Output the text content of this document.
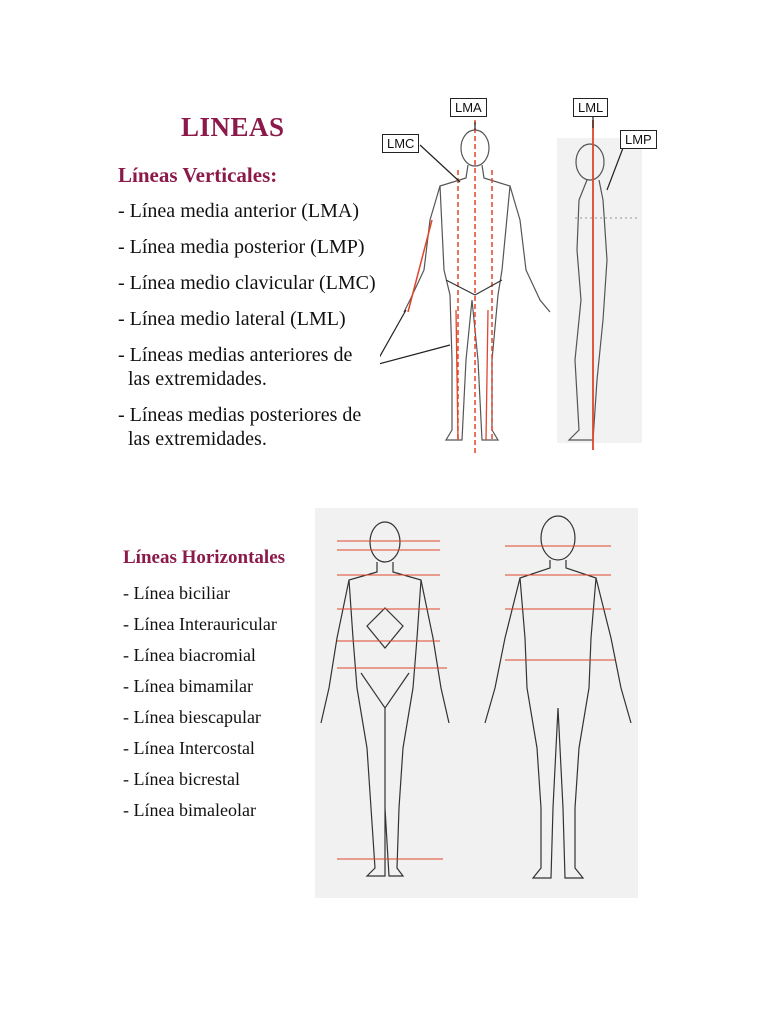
LINEAS
Líneas Verticales:
- Línea media anterior (LMA)
- Línea media posterior (LMP)
- Línea medio clavicular (LMC)
- Línea medio lateral (LML)
- Líneas medias anteriores de
las extremidades.
- Líneas medias posteriores de
las extremidades.
LMA
LMC
LML
LMP
Líneas Horizontales
- Línea biciliar
- Línea Interauricular
- Línea biacromial
- Línea bimamilar
- Línea biescapular
- Línea Intercostal
- Línea bicrestal
- Línea bimaleolar
